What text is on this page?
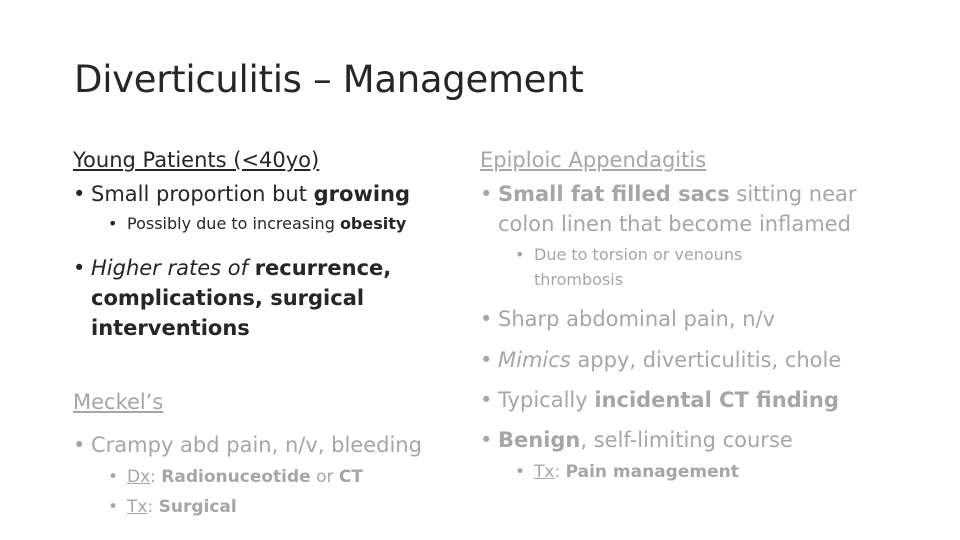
Diverticulitis – Management
Young Patients (<40yo)
• Small proportion but growing
• Possibly due to increasing obesity
• Higher rates of recurrence, complications, surgical interventions
Meckel’s
• Crampy abd pain, n/v, bleeding
• Dx: Radionuceotide or CT
• Tx: Surgical
Epiploic Appendagitis
• Small fat filled sacs sitting near colon linen that become inflamed
• Due to torsion or venouns thrombosis
• Sharp abdominal pain, n/v
• Mimics appy, diverticulitis, chole
• Typically incidental CT finding
• Benign, self-limiting course
• Tx: Pain management
